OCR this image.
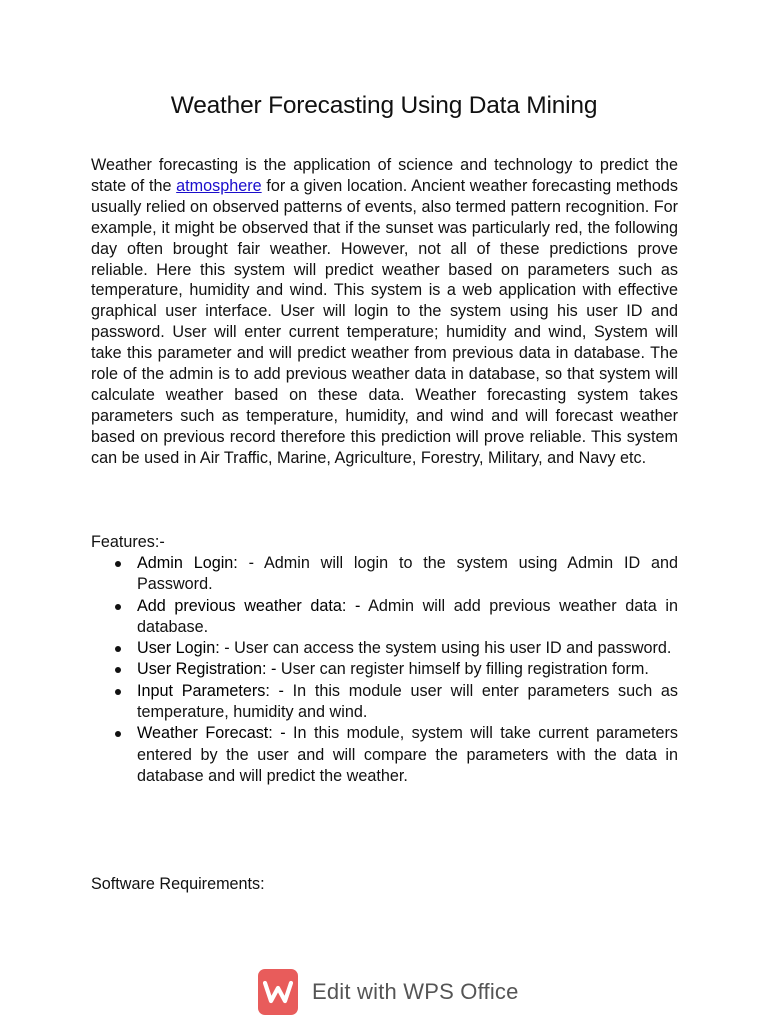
Weather Forecasting Using Data Mining

Weather forecasting is the application of science and technology to predict the state of the atmosphere for a given location. Ancient weather forecasting methods usually relied on observed patterns of events, also termed pattern recognition. For example, it might be observed that if the sunset was particularly red, the following day often brought fair weather. However, not all of these predictions prove reliable. Here this system will predict weather based on parameters such as temperature, humidity and wind. This system is a web application with effective graphical user interface. User will login to the system using his user ID and password. User will enter current temperature; humidity and wind, System will take this parameter and will predict weather from previous data in database. The role of the admin is to add previous weather data in database, so that system will calculate weather based on these data. Weather forecasting system takes parameters such as temperature, humidity, and wind and will forecast weather based on previous record therefore this prediction will prove reliable. This system can be used in Air Traffic, Marine, Agriculture, Forestry, Military, and Navy etc.

Features:-
Admin Login: - Admin will login to the system using Admin ID and Password.
Add previous weather data: - Admin will add previous weather data in database.
User Login: - User can access the system using his user ID and password.
User Registration: - User can register himself by filling registration form.
Input Parameters: - In this module user will enter parameters such as temperature, humidity and wind.
Weather Forecast: - In this module, system will take current parameters entered by the user and will compare the parameters with the data in database and will predict the weather.
Software Requirements:
Edit with WPS Office
